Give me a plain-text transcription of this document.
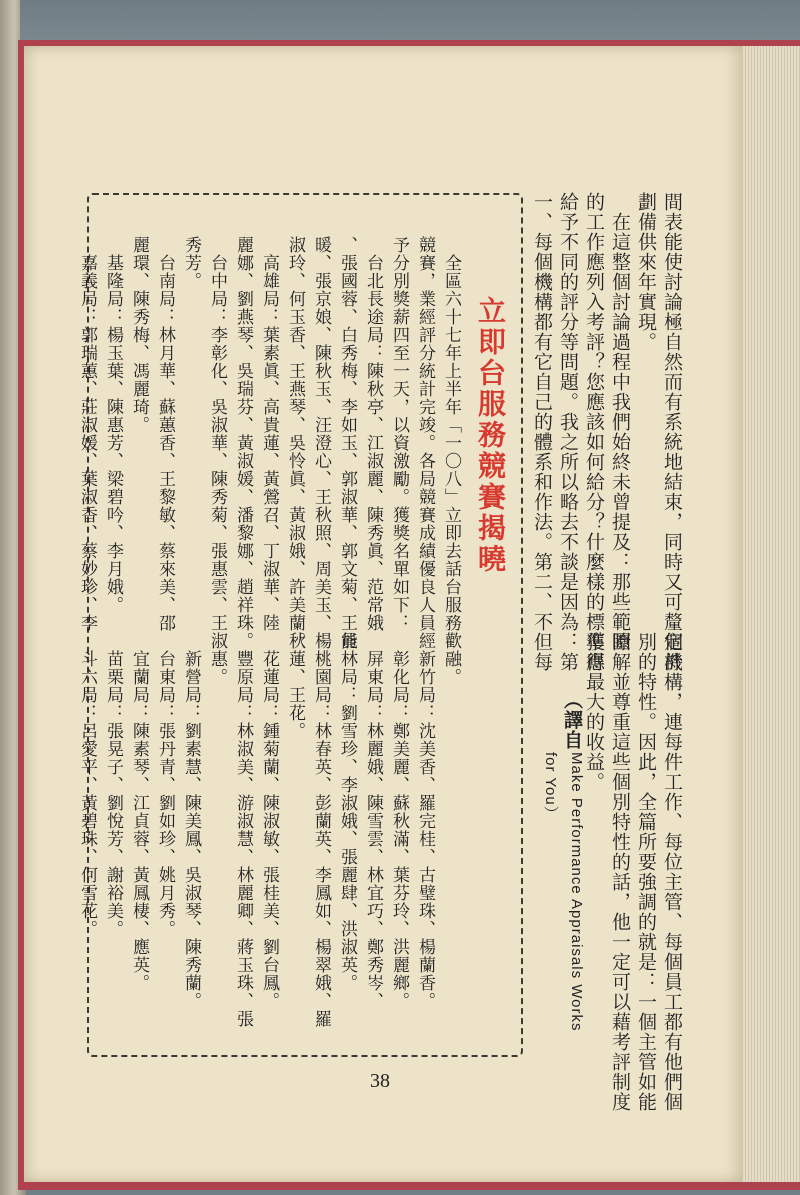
間表能使討論極自然而有系統地結束，同時又可釐定計
劃備供來年實現。
　在這整個討論過程中我們始終未曾提及：那些範圍
的工作應列入考評？您應該如何給分？什麼樣的標準應
給予不同的評分等問題。我之所以略去不談是因為：第
一、每個機構都有它自己的體系和作法。第二、不但每
個機構，連每件工作、每位主管、每個員工都有他們個
別的特性。因此，全篇所要強調的就是：一個主管如能
瞭解並尊重這些個別特性的話，他一定可以藉考評制度
獲得最大的收益。
（譯自
Make Performance Appraisals Works
for You）
立即台服務競賽揭曉
　全區六十七年上半年「一〇八」立即去話台服務
競賽，業經評分統計完竣。各局競賽成績優良人員經
予分別獎薪四至一天，以資激勵。獲獎名單如下：
　台北長途局：陳秋亭、江淑麗、陳秀眞、范常娥
、張國蓉、白秀梅、李如玉、郭淑華、郭文菊、王能
暖、張京娘、陳秋玉、汪澄心、王秋照、周美玉、楊
淑玲、何玉香、王燕琴、吳怜眞、黃淑娥、許美蘭。
　高雄局：葉素眞、高貴蓮、黃鶯召、丁淑華、陸
麗娜、劉燕琴、吳瑞芬、黃淑媛、潘黎娜、趙祥珠。
　台中局：李彰化、吳淑華、陳秀菊、張惠雲、王
秀芳。
　台南局：林月華、蘇蕙香、王黎敏、蔡來美、邵
麗環、陳秀梅、馮麗琦。
　基隆局：楊玉葉、陳惠芳、梁碧吟、李月娥。
　嘉義局：郭瑞蕙、莊淑媛、葉淑香、蔡妙珍、李
歡融。
　新竹局：沈美香、羅完桂、古璧珠、楊蘭香。
　彰化局：鄭美麗、蘇秋滿、葉芬玲、洪麗鄉。
　屏東局：林麗娥、陳雪雲、林宜巧、鄭秀岑、
員林局：劉雪珍、李淑娥、張麗肆、洪淑英。
　桃園局：林春英、彭蘭英、李鳳如、楊翠娥、羅
秋蓮、王花。
　花蓮局：鍾菊蘭、陳淑敏、張桂美、劉台鳳。
　豐原局：林淑美、游淑慧、林麗卿、蔣玉珠、張
淑惠。
　新營局：劉素慧、陳美鳳、吳淑琴、陳秀蘭。
　台東局：張丹青、劉如珍、姚月秀。
　宜蘭局：陳素琴、江貞蓉、黃鳳棲、應英。
　苗栗局：張晃子、劉悅芳、謝裕美。
　斗六局：呂愛平、黃碧珠、何雪花。
38
